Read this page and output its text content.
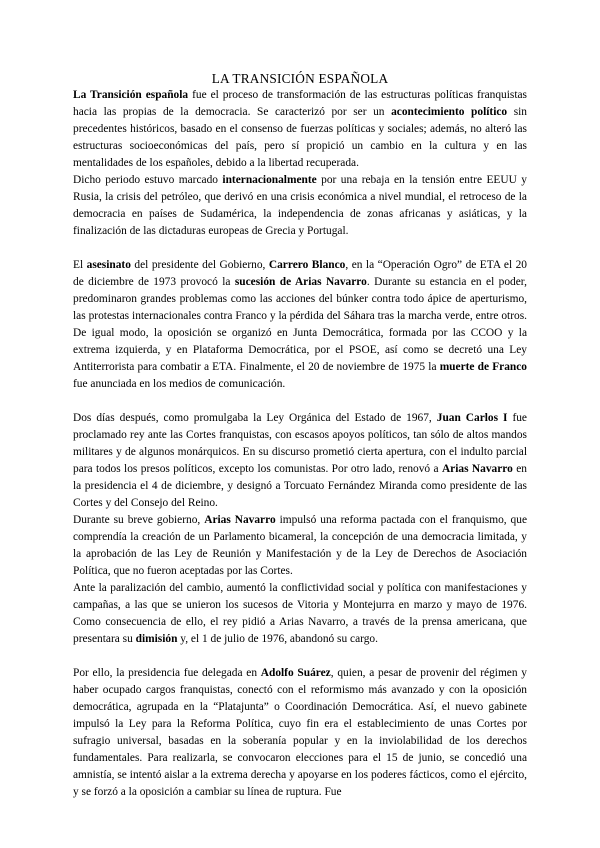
LA TRANSICIÓN ESPAÑOLA

La Transición española fue el proceso de transformación de las estructuras políticas franquistas hacia las propias de la democracia. Se caracterizó por ser un acontecimiento político sin precedentes históricos, basado en el consenso de fuerzas políticas y sociales; además, no alteró las estructuras socioeconómicas del país, pero sí propició un cambio en la cultura y en las mentalidades de los españoles, debido a la libertad recuperada.

Dicho periodo estuvo marcado internacionalmente por una rebaja en la tensión entre EEUU y Rusia, la crisis del petróleo, que derivó en una crisis económica a nivel mundial, el retroceso de la democracia en países de Sudamérica, la independencia de zonas africanas y asiáticas, y la finalización de las dictaduras europeas de Grecia y Portugal.

El asesinato del presidente del Gobierno, Carrero Blanco, en la “Operación Ogro” de ETA el 20 de diciembre de 1973 provocó la sucesión de Arias Navarro. Durante su estancia en el poder, predominaron grandes problemas como las acciones del búnker contra todo ápice de aperturismo, las protestas internacionales contra Franco y la pérdida del Sáhara tras la marcha verde, entre otros. De igual modo, la oposición se organizó en Junta Democrática, formada por las CCOO y la extrema izquierda, y en Plataforma Democrática, por el PSOE, así como se decretó una Ley Antiterrorista para combatir a ETA. Finalmente, el 20 de noviembre de 1975 la muerte de Franco fue anunciada en los medios de comunicación.

Dos días después, como promulgaba la Ley Orgánica del Estado de 1967, Juan Carlos I fue proclamado rey ante las Cortes franquistas, con escasos apoyos políticos, tan sólo de altos mandos militares y de algunos monárquicos. En su discurso prometió cierta apertura, con el indulto parcial para todos los presos políticos, excepto los comunistas. Por otro lado, renovó a Arias Navarro en la presidencia el 4 de diciembre, y designó a Torcuato Fernández Miranda como presidente de las Cortes y del Consejo del Reino.

Durante su breve gobierno, Arias Navarro impulsó una reforma pactada con el franquismo, que comprendía la creación de un Parlamento bicameral, la concepción de una democracia limitada, y la aprobación de las Ley de Reunión y Manifestación y de la Ley de Derechos de Asociación Política, que no fueron aceptadas por las Cortes.

Ante la paralización del cambio, aumentó la conflictividad social y política con manifestaciones y campañas, a las que se unieron los sucesos de Vitoria y Montejurra en marzo y mayo de 1976. Como consecuencia de ello, el rey pidió a Arias Navarro, a través de la prensa americana, que presentara su dimisión y, el 1 de julio de 1976, abandonó su cargo.

Por ello, la presidencia fue delegada en Adolfo Suárez, quien, a pesar de provenir del régimen y haber ocupado cargos franquistas, conectó con el reformismo más avanzado y con la oposición democrática, agrupada en la “Platajunta” o Coordinación Democrática. Así, el nuevo gabinete impulsó la Ley para la Reforma Política, cuyo fin era el establecimiento de unas Cortes por sufragio universal, basadas en la soberanía popular y en la inviolabilidad de los derechos fundamentales. Para realizarla, se convocaron elecciones para el 15 de junio, se concedió una amnistía, se intentó aislar a la extrema derecha y apoyarse en los poderes fácticos, como el ejército, y se forzó a la oposición a cambiar su línea de ruptura. Fue
